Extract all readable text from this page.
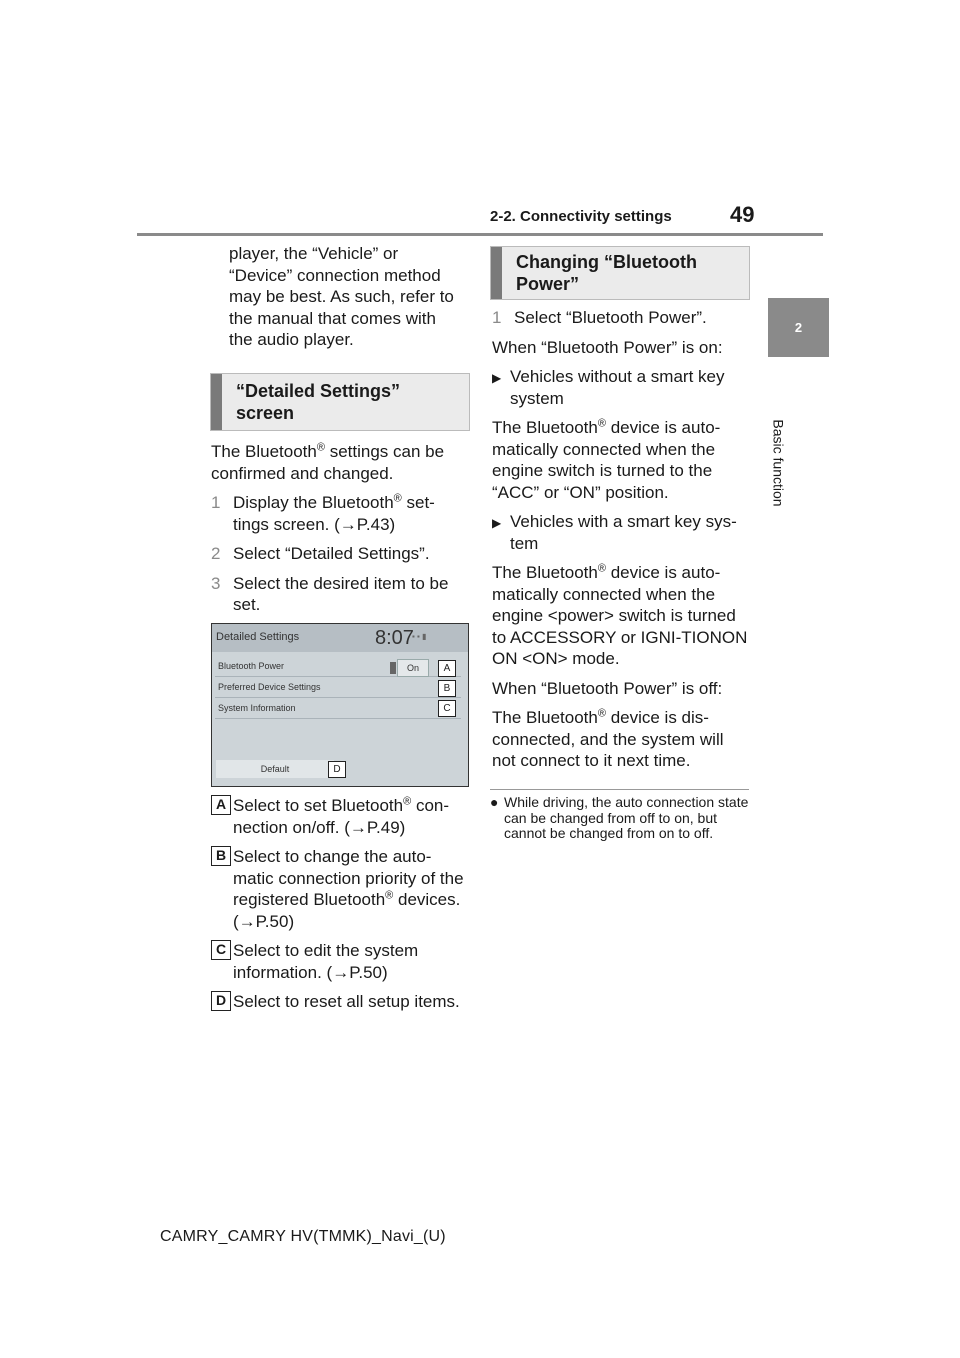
2-2. Connectivity settings	49
2
Basic function
player, the “Vehicle” or
“Device” connection method
may be best. As such, refer to
the manual that comes with
the audio player.
“Detailed Settings”
screen

The Bluetooth® settings can be confirmed and changed.

1 Display the Bluetooth® set-tings screen. (→P.43)
2 Select “Detailed Settings”.
3 Select the desired item to be set.
Detailed Settings	8:07
▪ ▪ ▮
Bluetooth Power	On
Preferred Device Settings
System Information
Default
A
B
C
D
A Select to set Bluetooth® con-nection on/off. (→P.49)
B Select to change the auto-matic connection priority of the registered Bluetooth® devices. (→P.50)
C Select to edit the system information. (→P.50)
D Select to reset all setup items.
Changing “Bluetooth
Power”
1 Select “Bluetooth Power”.

When “Bluetooth Power” is on:

▶ Vehicles without a smart key system

The Bluetooth® device is auto-matically connected when the engine switch is turned to the “ACC” or “ON” position.

▶ Vehicles with a smart key sys-tem

The Bluetooth® device is auto-matically connected when the engine <power> switch is turned to ACCESSORY or IGNI-TIONON ON <ON> mode.

When “Bluetooth Power” is off:

The Bluetooth® device is dis-connected, and the system will not connect to it next time.

● While driving, the auto connection state can be changed from off to on, but cannot be changed from on to off.
CAMRY_CAMRY HV(TMMK)_Navi_(U)
